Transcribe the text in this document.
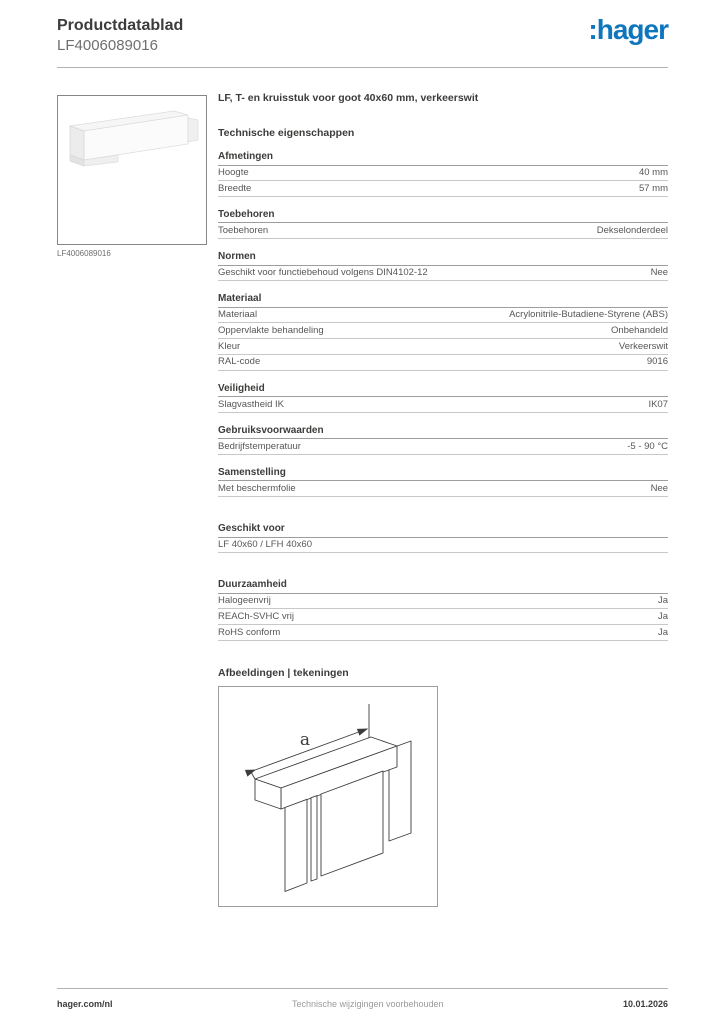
Productdatablad
LF4006089016
:hager
LF4006089016
LF, T- en kruisstuk voor goot 40x60 mm, verkeerswit
Technische eigenschappen
Afmetingen
Hoogte	40 mm
Breedte	57 mm
Toebehoren
Toebehoren	Dekselonderdeel
Normen
Geschikt voor functiebehoud volgens DIN4102-12	Nee
Materiaal
Materiaal	Acrylonitrile-Butadiene-Styrene (ABS)
Oppervlakte behandeling	Onbehandeld
Kleur	Verkeerswit
RAL-code	9016
Veiligheid
Slagvastheid IK	IK07
Gebruiksvoorwaarden
Bedrijfstemperatuur	-5 - 90 °C
Samenstelling
Met beschermfolie	Nee
Geschikt voor
LF 40x60 / LFH 40x60
Duurzaamheid
Halogeenvrij	Ja
REACh-SVHC vrij	Ja
RoHS conform	Ja
Afbeeldingen | tekeningen
a
hager.com/nl	Technische wijzigingen voorbehouden	10.01.2026
